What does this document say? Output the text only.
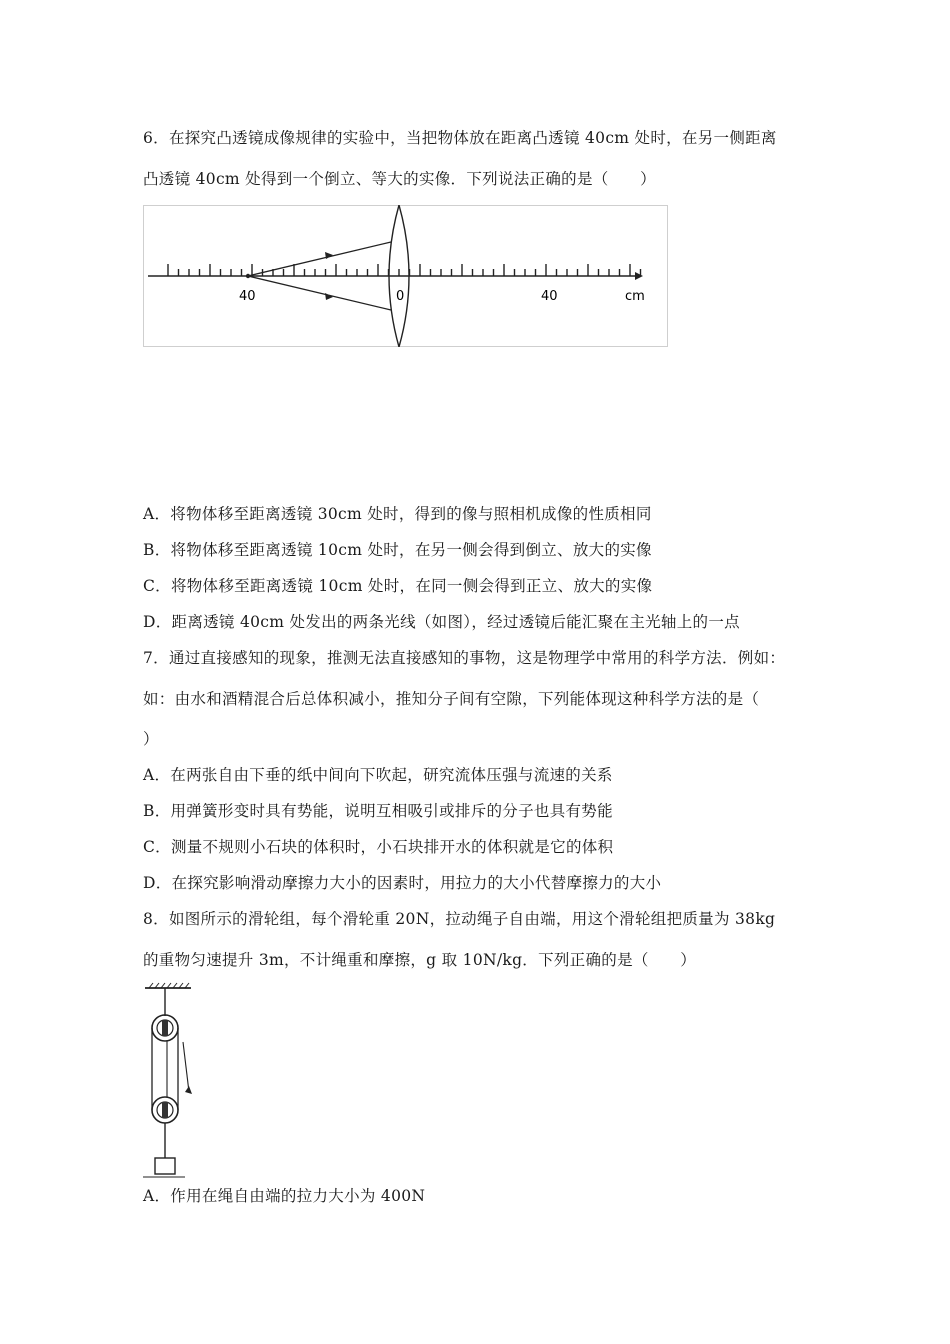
6．在探究凸透镜成像规律的实验中，当把物体放在距离凸透镜 40cm 处时，在另一侧距离
凸透镜 40cm 处得到一个倒立、等大的实像．下列说法正确的是（　　）
40	0	40	cm
A．将物体移至距离透镜 30cm 处时，得到的像与照相机成像的性质相同
B．将物体移至距离透镜 10cm 处时，在另一侧会得到倒立、放大的实像
C．将物体移至距离透镜 10cm 处时，在同一侧会得到正立、放大的实像
D．距离透镜 40cm 处发出的两条光线（如图），经过透镜后能汇聚在主光轴上的一点
7．通过直接感知的现象，推测无法直接感知的事物，这是物理学中常用的科学方法．例如：
如：由水和酒精混合后总体积减小，推知分子间有空隙，下列能体现这种科学方法的是（
）
A．在两张自由下垂的纸中间向下吹起，研究流体压强与流速的关系
B．用弹簧形变时具有势能，说明互相吸引或排斥的分子也具有势能
C．测量不规则小石块的体积时，小石块排开水的体积就是它的体积
D．在探究影响滑动摩擦力大小的因素时，用拉力的大小代替摩擦力的大小
8．如图所示的滑轮组，每个滑轮重 20N，拉动绳子自由端，用这个滑轮组把质量为 38kg
的重物匀速提升 3m，不计绳重和摩擦，g 取 10N/kg．下列正确的是（　　）
A．作用在绳自由端的拉力大小为 400N
